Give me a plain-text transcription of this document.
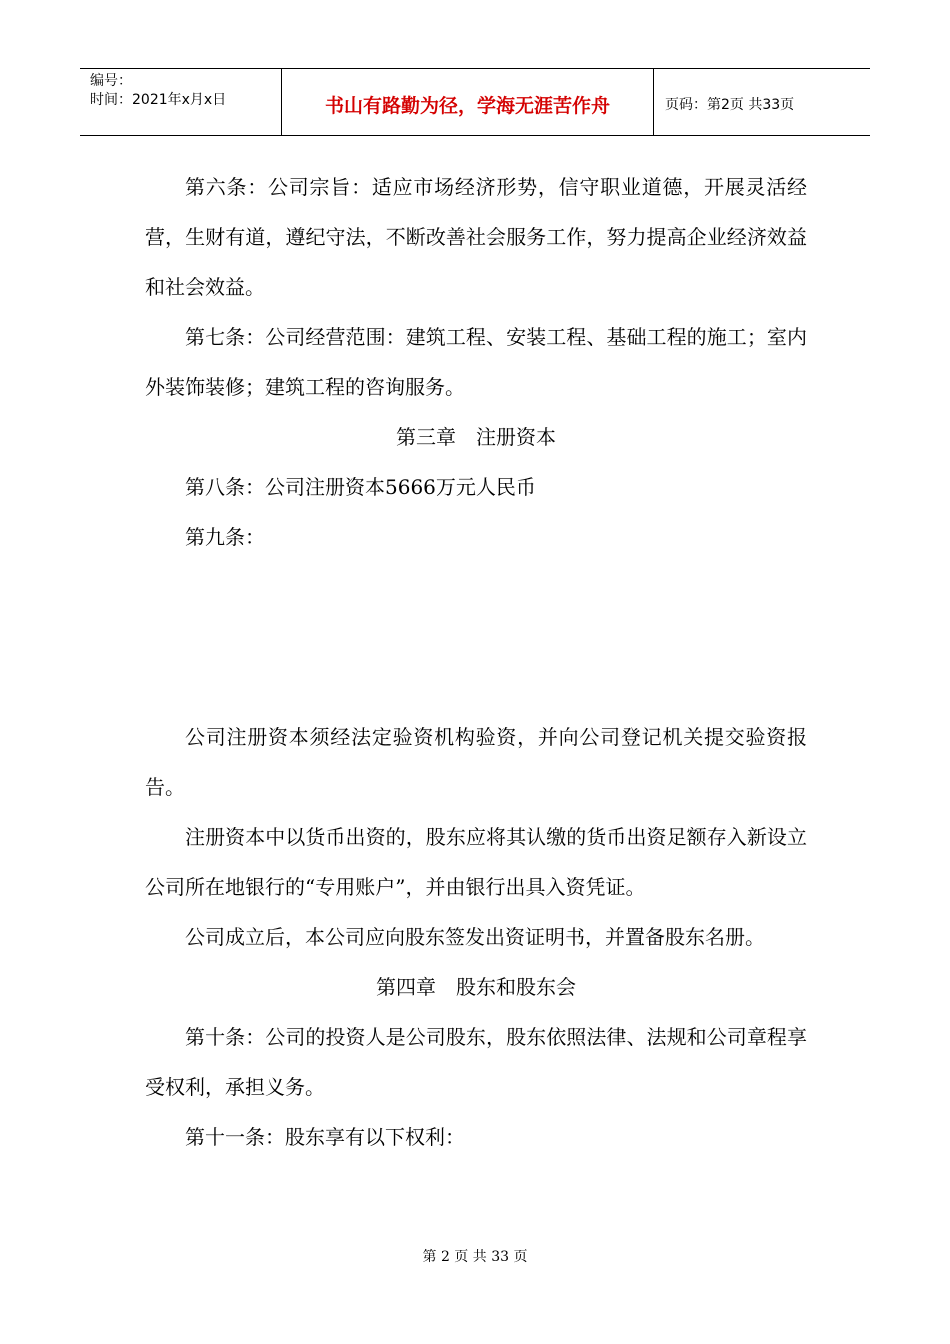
编号：
时间：2021年x月x日	书山有路勤为径，学海无涯苦作舟	页码：第2页 共33页

第六条：公司宗旨：适应市场经济形势，信守职业道德，开展灵活经营，生财有道，遵纪守法，不断改善社会服务工作，努力提高企业经济效益和社会效益。

第七条：公司经营范围：建筑工程、安装工程、基础工程的施工；室内外装饰装修；建筑工程的咨询服务。

第三章　注册资本

第八条：公司注册资本5666万元人民币

第九条：

公司注册资本须经法定验资机构验资，并向公司登记机关提交验资报告。

注册资本中以货币出资的，股东应将其认缴的货币出资足额存入新设立公司所在地银行的“专用账户”，并由银行出具入资凭证。

公司成立后，本公司应向股东签发出资证明书，并置备股东名册。

第四章　股东和股东会

第十条：公司的投资人是公司股东，股东依照法律、法规和公司章程享受权利，承担义务。

第十一条：股东享有以下权利：

第 2 页 共 33 页
